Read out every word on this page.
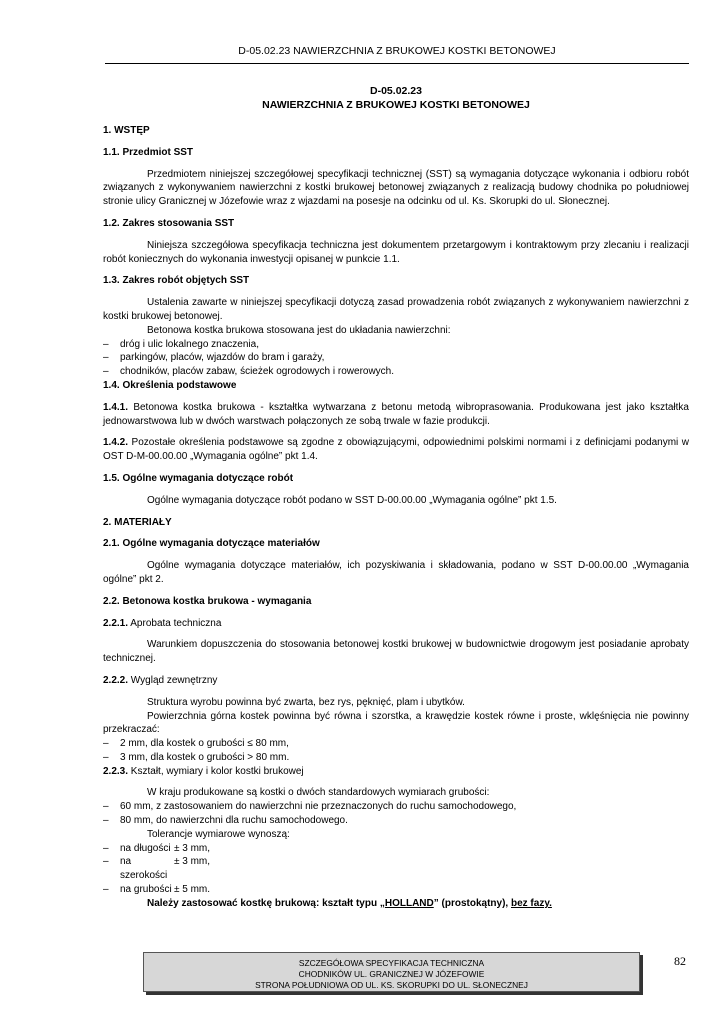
D-05.02.23 NAWIERZCHNIA Z BRUKOWEJ KOSTKI BETONOWEJ
D-05.02.23
NAWIERZCHNIA Z BRUKOWEJ KOSTKI BETONOWEJ
1. WSTĘP
1.1. Przedmiot SST

Przedmiotem niniejszej szczegółowej specyfikacji technicznej (SST) są wymagania dotyczące wykonania i odbioru robót związanych z wykonywaniem nawierzchni z kostki brukowej betonowej związanych z realizacją budowy chodnika po południowej stronie ulicy Granicznej w Józefowie wraz z wjazdami na posesje na odcinku od ul. Ks. Skorupki do ul. Słonecznej.

1.2. Zakres stosowania SST

Niniejsza szczegółowa specyfikacja techniczna jest dokumentem przetargowym i kontraktowym przy zlecaniu i realizacji robót koniecznych do wykonania inwestycji opisanej w punkcie 1.1.

1.3. Zakres robót objętych SST

Ustalenia zawarte w niniejszej specyfikacji dotyczą zasad prowadzenia robót związanych z wykonywaniem nawierzchni z kostki brukowej betonowej.

Betonowa kostka brukowa stosowana jest do układania nawierzchni:

– dróg i ulic lokalnego znaczenia,
– parkingów, placów, wjazdów do bram i garaży,
– chodników, placów zabaw, ścieżek ogrodowych i rowerowych.
1.4. Określenia podstawowe

1.4.1. Betonowa kostka brukowa - kształtka wytwarzana z betonu metodą wibroprasowania. Produkowana jest jako kształtka jednowarstwowa lub w dwóch warstwach połączonych ze sobą trwale w fazie produkcji.

1.4.2. Pozostałe określenia podstawowe są zgodne z obowiązującymi, odpowiednimi polskimi normami i z definicjami podanymi w OST D-M-00.00.00 „Wymagania ogólne” pkt 1.4.

1.5. Ogólne wymagania dotyczące robót

Ogólne wymagania dotyczące robót podano w SST D-00.00.00 „Wymagania ogólne” pkt 1.5.

2. MATERIAŁY
2.1. Ogólne wymagania dotyczące materiałów

Ogólne wymagania dotyczące materiałów, ich pozyskiwania i składowania, podano w SST D-00.00.00 „Wymagania ogólne” pkt 2.

2.2. Betonowa kostka brukowa - wymagania
2.2.1. Aprobata techniczna

Warunkiem dopuszczenia do stosowania betonowej kostki brukowej w budownictwie drogowym jest posiadanie aprobaty technicznej.

2.2.2. Wygląd zewnętrzny

Struktura wyrobu powinna być zwarta, bez rys, pęknięć, plam i ubytków.

Powierzchnia górna kostek powinna być równa i szorstka, a krawędzie kostek równe i proste, wklęśnięcia nie powinny przekraczać:

– 2 mm, dla kostek o grubości ≤ 80 mm,
– 3 mm, dla kostek o grubości > 80 mm.
2.2.3. Kształt, wymiary i kolor kostki brukowej

W kraju produkowane są kostki o dwóch standardowych wymiarach grubości:

– 60 mm, z zastosowaniem do nawierzchni nie przeznaczonych do ruchu samochodowego,
– 80 mm, do nawierzchni dla ruchu samochodowego.

Tolerancje wymiarowe wynoszą:

– na długości ± 3 mm,
– na szerokości
± 3 mm,
– na grubości ± 5 mm.
Należy zastosować kostkę brukową: kształt typu „HOLLAND” (prostokątny), bez fazy.
82
SZCZEGÓŁOWA SPECYFIKACJA TECHNICZNA
CHODNIKÓW UL. GRANICZNEJ W JÓZEFOWIE
STRONA POŁUDNIOWA OD UL. KS. SKORUPKI DO UL. SŁONECZNEJ
